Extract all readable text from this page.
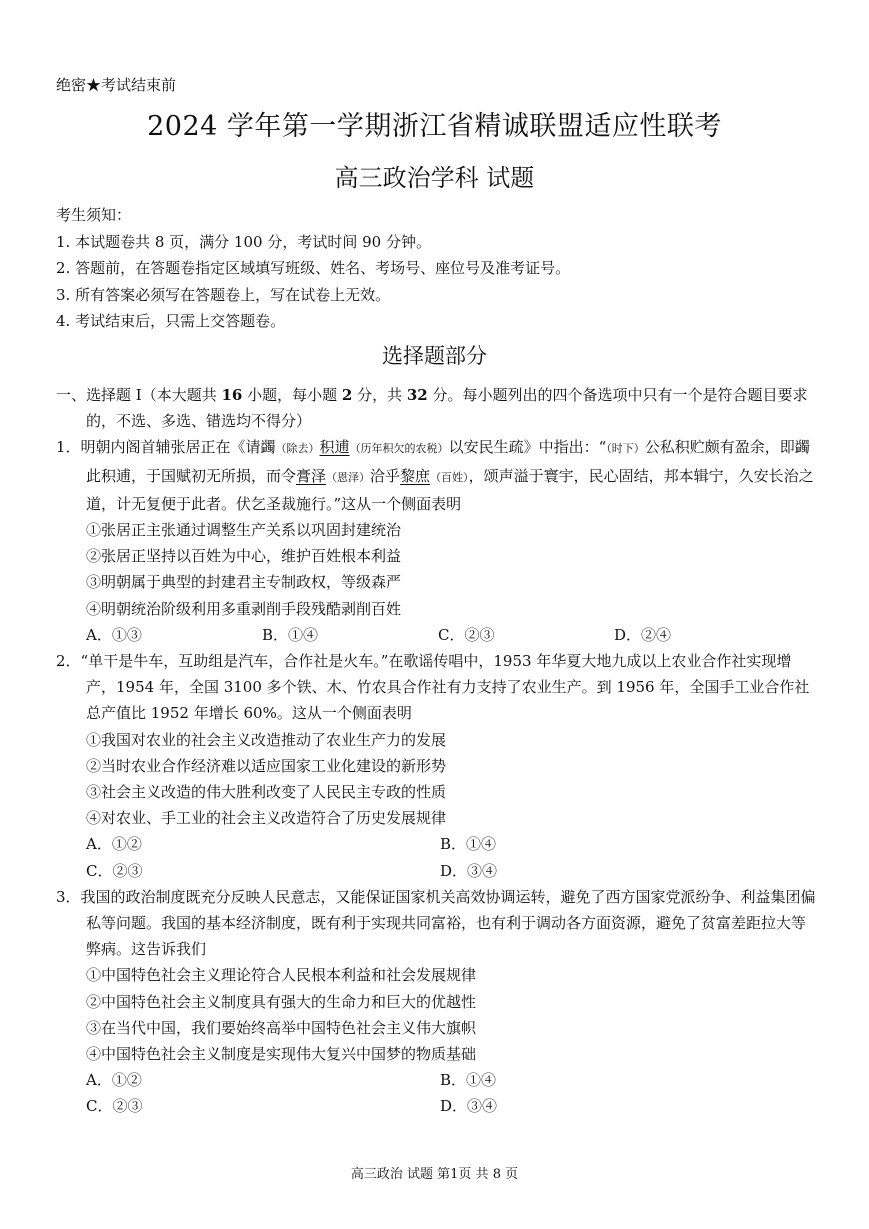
绝密★考试结束前
2024 学年第一学期浙江省精诚联盟适应性联考
高三政治学科 试题
考生须知：
1. 本试题卷共 8 页，满分 100 分，考试时间 90 分钟。
2. 答题前，在答题卷指定区域填写班级、姓名、考场号、座位号及准考证号。
3. 所有答案必须写在答题卷上，写在试卷上无效。
4. 考试结束后，只需上交答题卷。
选择题部分

一、选择题 I（本大题共 16 小题，每小题 2 分，共 32 分。每小题列出的四个备选项中只有一个是符合题目要求的，不选、多选、错选均不得分）

1．明朝内阁首辅张居正在《请蠲（除去）积逋（历年积欠的农税）以安民生疏》中指出：“（时下）公私积贮颇有盈余，即蠲此积逋，于国赋初无所损，而令膏泽（恩泽）洽乎黎庶（百姓），颂声溢于寰宇，民心固结，邦本辑宁，久安长治之道，计无复便于此者。伏乞圣裁施行。”这从一个侧面表明

①张居正主张通过调整生产关系以巩固封建统治
②张居正坚持以百姓为中心，维护百姓根本利益
③明朝属于典型的封建君主专制政权，等级森严
④明朝统治阶级利用多重剥削手段残酷剥削百姓
A．①③	B．①④	C．②③	D．②④

2．“单干是牛车，互助组是汽车，合作社是火车。”在歌谣传唱中，1953 年华夏大地九成以上农业合作社实现增产，1954 年，全国 3100 多个铁、木、竹农具合作社有力支持了农业生产。到 1956 年，全国手工业合作社总产值比 1952 年增长 60%。这从一个侧面表明

①我国对农业的社会主义改造推动了农业生产力的发展
②当时农业合作经济难以适应国家工业化建设的新形势
③社会主义改造的伟大胜利改变了人民民主专政的性质
④对农业、手工业的社会主义改造符合了历史发展规律
A．①②	B．①④
C．②③	D．③④

3．我国的政治制度既充分反映人民意志，又能保证国家机关高效协调运转，避免了西方国家党派纷争、利益集团偏私等问题。我国的基本经济制度，既有利于实现共同富裕，也有利于调动各方面资源，避免了贫富差距拉大等弊病。这告诉我们

①中国特色社会主义理论符合人民根本利益和社会发展规律
②中国特色社会主义制度具有强大的生命力和巨大的优越性
③在当代中国，我们要始终高举中国特色社会主义伟大旗帜
④中国特色社会主义制度是实现伟大复兴中国梦的物质基础
A．①②	B．①④
C．②③	D．③④
高三政治 试题 第1页 共 8 页
